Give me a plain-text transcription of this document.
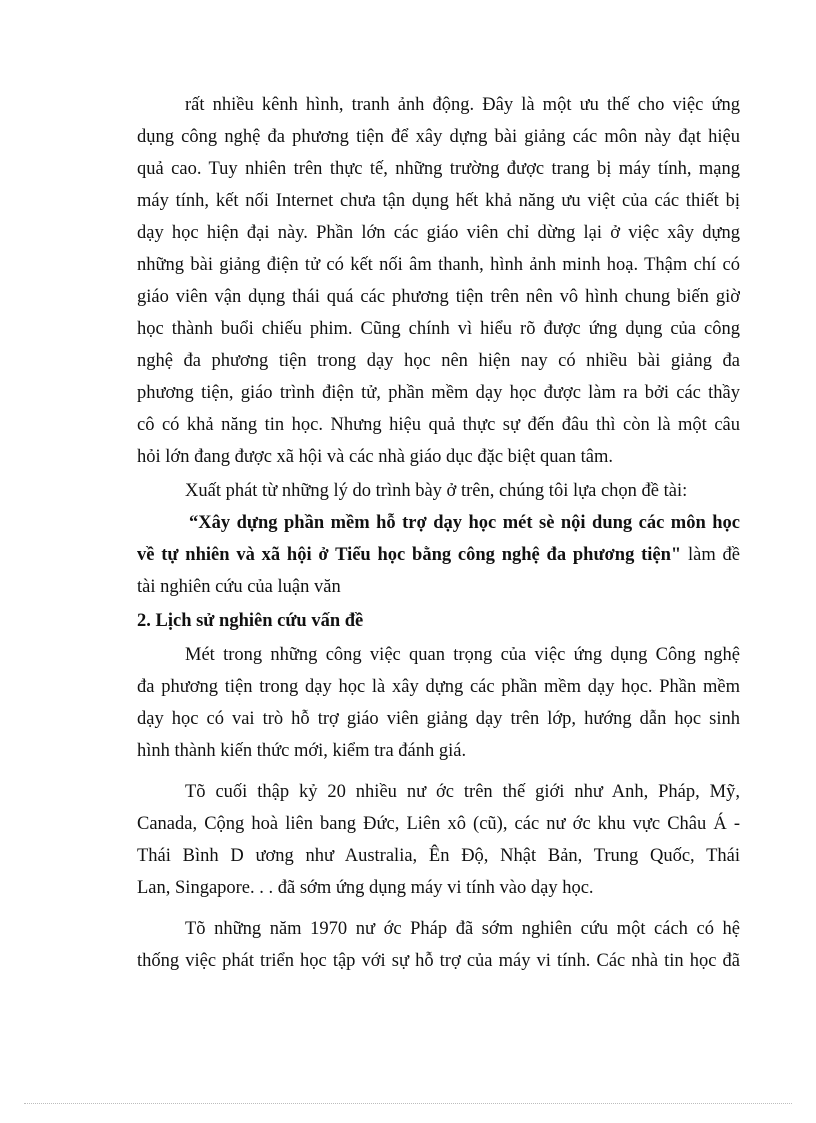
rất nhiều kênh hình, tranh ảnh động. Đây là một ưu thế cho việc ứng
dụng công nghệ đa phương tiện để xây dựng bài giảng các môn này đạt hiệu
quả cao. Tuy nhiên trên thực tế, những trường được trang bị máy tính, mạng
máy tính, kết nối Internet chưa tận dụng hết khả năng ưu việt của các thiết bị
dạy học hiện đại này. Phần lớn các giáo viên chỉ dừng lại ở việc xây dựng
những bài giảng điện tử có kết nối âm thanh, hình ảnh minh hoạ. Thậm chí có
giáo viên vận dụng thái quá các phương tiện trên nên vô hình chung biến giờ
học thành buổi chiếu phim. Cũng chính vì hiểu rõ được ứng dụng của công
nghệ đa phương tiện trong dạy học nên hiện nay có nhiều bài giảng đa
phương tiện, giáo trình điện tử, phần mềm dạy học được làm ra bởi các thầy
cô có khả năng tin học. Nhưng hiệu quả thực sự đến đâu thì còn là một câu
hỏi lớn đang được xã hội và các nhà giáo dục đặc biệt quan tâm.
Xuất phát từ những lý do trình bày ở trên, chúng tôi lựa chọn đề tài:
“Xây dựng phần mềm hỗ trợ dạy học mét sè nội dung các môn học
về tự nhiên và xã hội ở Tiểu học bằng công nghệ đa phương tiện" làm đề
tài nghiên cứu của luận văn
2. Lịch sử nghiên cứu vấn đề
Mét trong những công việc quan trọng của việc ứng dụng Công nghệ
đa phương tiện trong dạy học là xây dựng các phần mềm dạy học. Phần mềm
dạy học có vai trò hỗ trợ giáo viên giảng dạy trên lớp, hướng dẫn học sinh
hình thành kiến thức mới, kiểm tra đánh giá.
Tõ cuối thập kỷ 20 nhiều nư ớc trên thế giới như Anh, Pháp, Mỹ,
Canada, Cộng hoà liên bang Đức, Liên xô (cũ), các nư ớc khu vực Châu Á -
Thái Bình D ương như Australia, Ên Độ, Nhật Bản, Trung Quốc, Thái
Lan, Singapore. . . đã sớm ứng dụng máy vi tính vào dạy học.
Tõ những năm 1970 nư ớc Pháp đã sớm nghiên cứu một cách có hệ
thống việc phát triển học tập với sự hỗ trợ của máy vi tính. Các nhà tin học đã
